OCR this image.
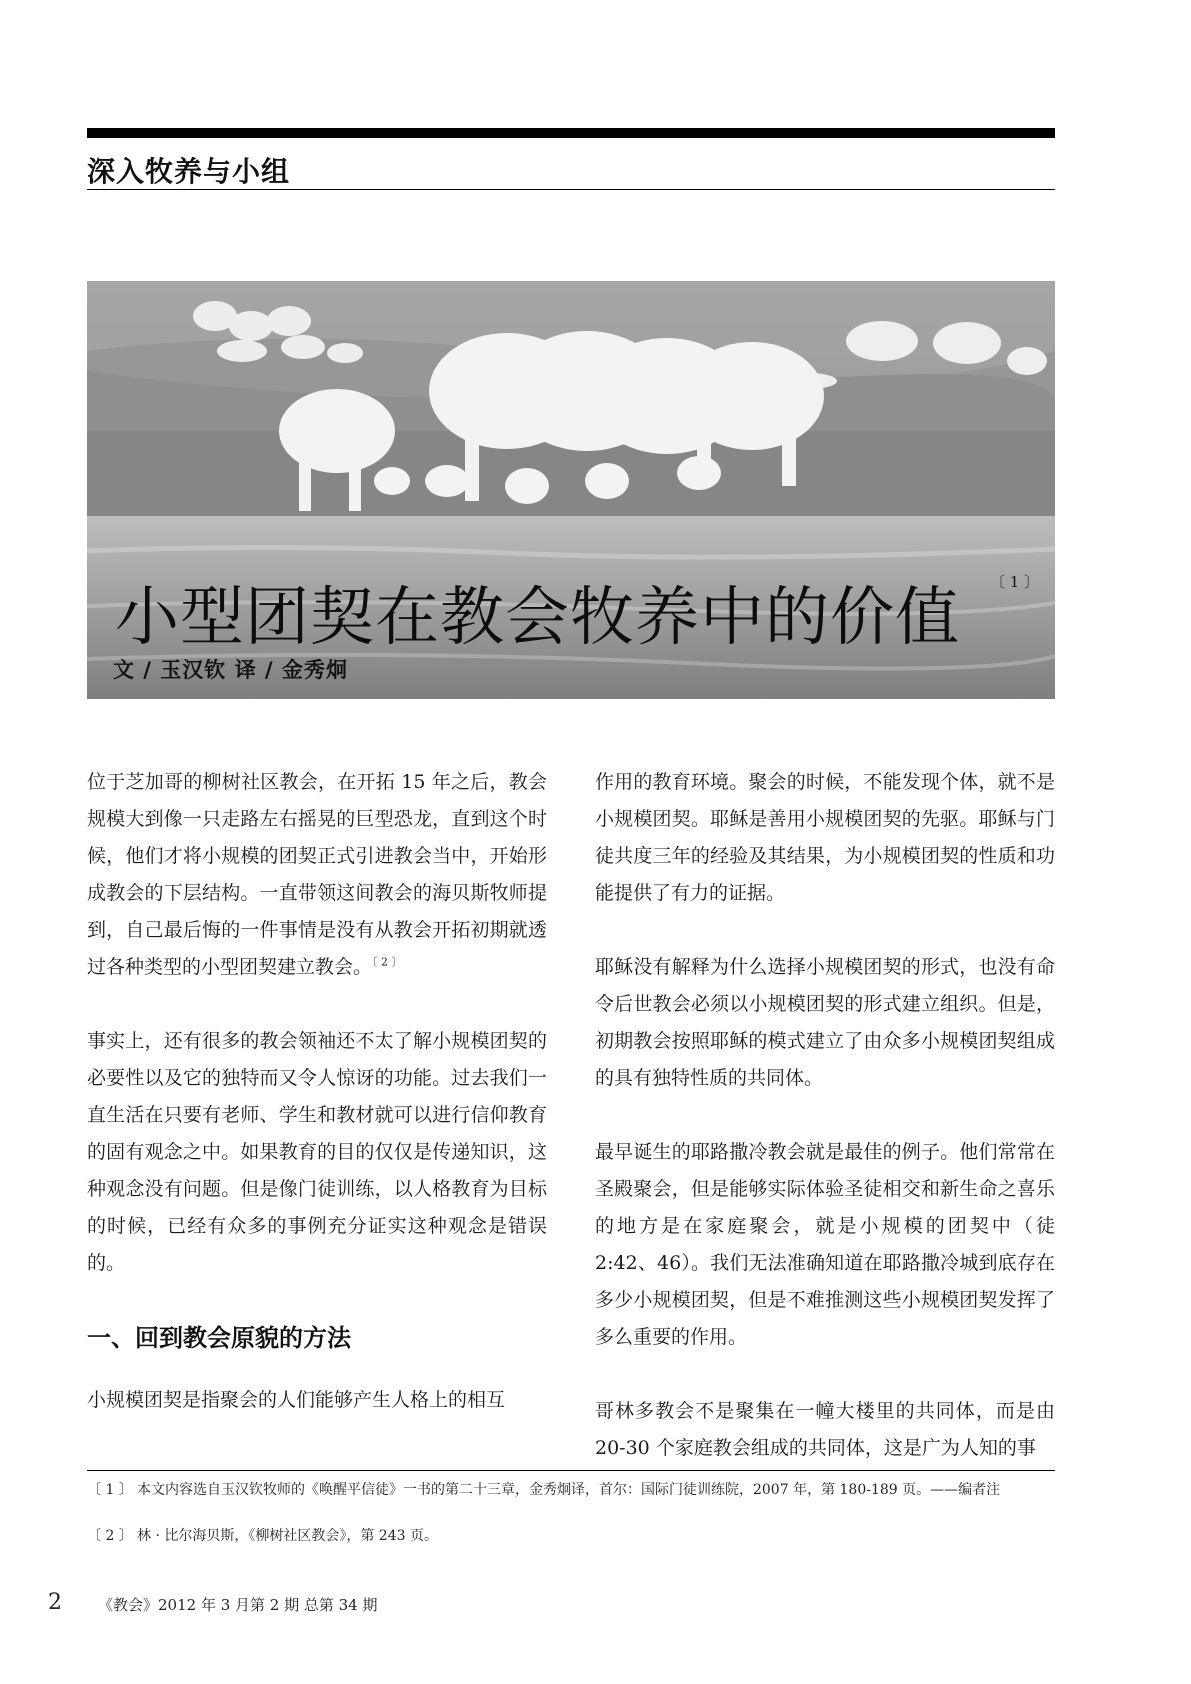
深入牧养与小组
小型团契在教会牧养中的价值 〔 1 〕
文 / 玉汉钦 译 / 金秀炯

位于芝加哥的柳树社区教会，在开拓 15 年之后，教会规模大到像一只走路左右摇晃的巨型恐龙，直到这个时候，他们才将小规模的团契正式引进教会当中，开始形成教会的下层结构。一直带领这间教会的海贝斯牧师提到，自己最后悔的一件事情是没有从教会开拓初期就透过各种类型的小型团契建立教会。$^{〔 2 〕}$

事实上，还有很多的教会领袖还不太了解小规模团契的必要性以及它的独特而又令人惊讶的功能。过去我们一直生活在只要有老师、学生和教材就可以进行信仰教育的固有观念之中。如果教育的目的仅仅是传递知识，这种观念没有问题。但是像门徒训练，以人格教育为目标的时候，已经有众多的事例充分证实这种观念是错误的。

一、回到教会原貌的方法

小规模团契是指聚会的人们能够产生人格上的相互

作用的教育环境。聚会的时候，不能发现个体，就不是小规模团契。耶稣是善用小规模团契的先驱。耶稣与门徒共度三年的经验及其结果，为小规模团契的性质和功能提供了有力的证据。

耶稣没有解释为什么选择小规模团契的形式，也没有命令后世教会必须以小规模团契的形式建立组织。但是，初期教会按照耶稣的模式建立了由众多小规模团契组成的具有独特性质的共同体。

最早诞生的耶路撒冷教会就是最佳的例子。他们常常在圣殿聚会，但是能够实际体验圣徒相交和新生命之喜乐的地方是在家庭聚会，就是小规模的团契中（徒 2:42、46）。我们无法准确知道在耶路撒冷城到底存在多少小规模团契，但是不难推测这些小规模团契发挥了多么重要的作用。

哥林多教会不是聚集在一幢大楼里的共同体，而是由 20-30 个家庭教会组成的共同体，这是广为人知的事

〔 1 〕 本文内容选自玉汉钦牧师的《唤醒平信徒》一书的第二十三章，金秀炯译，首尔：国际门徒训练院，2007 年，第 180-189 页。——编者注
〔 2 〕 林 · 比尔海贝斯，《柳树社区教会》，第 243 页。
2 《教会》2012 年 3 月第 2 期 总第 34 期
